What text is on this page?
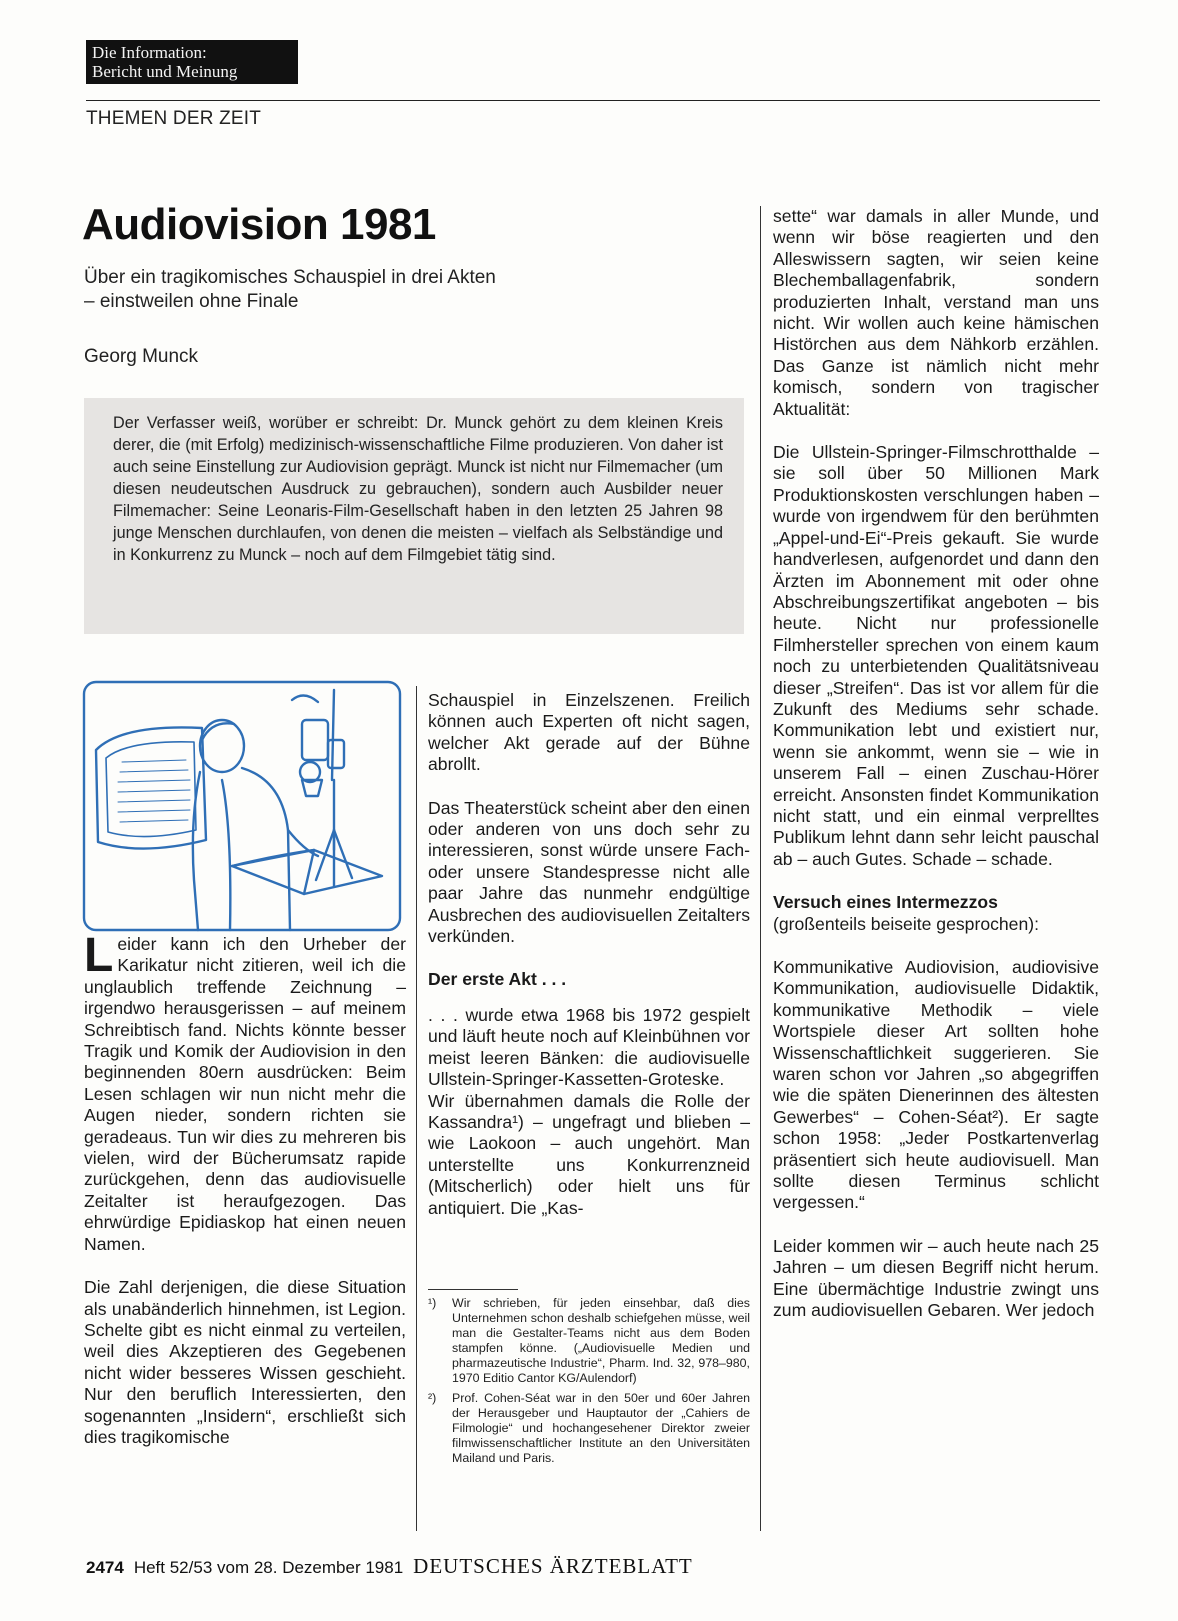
Die Information:
Bericht und Meinung
THEMEN DER ZEIT
Audiovision 1981
Über ein tragikomisches Schauspiel in drei Akten
– einstweilen ohne Finale
Georg Munck
Der Verfasser weiß, worüber er schreibt: Dr. Munck gehört zu dem kleinen Kreis derer, die (mit Erfolg) medizinisch-wissenschaftliche Filme produzieren. Von daher ist auch seine Einstellung zur Audiovision geprägt. Munck ist nicht nur Filmemacher (um diesen neudeutschen Ausdruck zu gebrauchen), sondern auch Ausbilder neuer Filmemacher: Seine Leonaris-Film-Gesellschaft haben in den letzten 25 Jahren 98 junge Menschen durchlaufen, von denen die meisten – vielfach als Selbständige und in Konkurrenz zu Munck – noch auf dem Filmgebiet tätig sind.

Leider kann ich den Urheber der Karikatur nicht zitieren, weil ich die unglaublich treffende Zeichnung – irgendwo herausgerissen – auf meinem Schreibtisch fand. Nichts könnte besser Tragik und Komik der Audiovision in den beginnenden 80ern ausdrücken: Beim Lesen schlagen wir nun nicht mehr die Augen nieder, sondern richten sie geradeaus. Tun wir dies zu mehreren bis vielen, wird der Bücherumsatz rapide zurückgehen, denn das audiovisuelle Zeitalter ist heraufgezogen. Das ehrwürdige Epidiaskop hat einen neuen Namen.

Die Zahl derjenigen, die diese Situation als unabänderlich hinnehmen, ist Legion. Schelte gibt es nicht einmal zu verteilen, weil dies Akzeptieren des Gegebenen nicht wider besseres Wissen geschieht. Nur den beruflich Interessierten, den sogenannten „Insidern“, erschließt sich dies tragikomische

Schauspiel in Einzelszenen. Freilich können auch Experten oft nicht sagen, welcher Akt gerade auf der Bühne abrollt.

Das Theaterstück scheint aber den einen oder anderen von uns doch sehr zu interessieren, sonst würde unsere Fach- oder unsere Standespresse nicht alle paar Jahre das nunmehr endgültige Ausbrechen des audiovisuellen Zeitalters verkünden.

Der erste Akt . . .

. . . wurde etwa 1968 bis 1972 gespielt und läuft heute noch auf Kleinbühnen vor meist leeren Bänken: die audiovisuelle Ullstein-Springer-Kassetten-Groteske. Wir übernahmen damals die Rolle der Kassandra¹) – ungefragt und blieben – wie Laokoon – auch ungehört. Man unterstellte uns Konkurrenzneid (Mitscherlich) oder hielt uns für antiquiert. Die „Kas-

¹)	Wir schrieben, für jeden einsehbar, daß dies Unternehmen schon deshalb schiefgehen müsse, weil man die Gestalter-Teams nicht aus dem Boden stampfen könne. („Audiovisuelle Medien und pharmazeutische Industrie“, Pharm. Ind. 32, 978–980, 1970 Editio Cantor KG/Aulendorf)
²)	Prof. Cohen-Séat war in den 50er und 60er Jahren der Herausgeber und Hauptautor der „Cahiers de Filmologie“ und hochangesehener Direktor zweier filmwissenschaftlicher Institute an den Universitäten Mailand und Paris.

sette“ war damals in aller Munde, und wenn wir böse reagierten und den Alleswissern sagten, wir seien keine Blechemballagenfabrik, sondern produzierten Inhalt, verstand man uns nicht. Wir wollen auch keine hämischen Histörchen aus dem Nähkorb erzählen. Das Ganze ist nämlich nicht mehr komisch, sondern von tragischer Aktualität:

Die Ullstein-Springer-Filmschrotthalde – sie soll über 50 Millionen Mark Produktionskosten verschlungen haben – wurde von irgendwem für den berühmten „Appel-und-Ei“-Preis gekauft. Sie wurde handverlesen, aufgenordet und dann den Ärzten im Abonnement mit oder ohne Abschreibungszertifikat angeboten – bis heute. Nicht nur professionelle Filmhersteller sprechen von einem kaum noch zu unterbietenden Qualitätsniveau dieser „Streifen“. Das ist vor allem für die Zukunft des Mediums sehr schade. Kommunikation lebt und existiert nur, wenn sie ankommt, wenn sie – wie in unserem Fall – einen Zuschau-Hörer erreicht. Ansonsten findet Kommunikation nicht statt, und ein einmal verprelltes Publikum lehnt dann sehr leicht pauschal ab – auch Gutes. Schade – schade.

Versuch eines Intermezzos

(großenteils beiseite gesprochen):

Kommunikative Audiovision, audiovisive Kommunikation, audiovisuelle Didaktik, kommunikative Methodik – viele Wortspiele dieser Art sollten hohe Wissenschaftlichkeit suggerieren. Sie waren schon vor Jahren „so abgegriffen wie die späten Dienerinnen des ältesten Gewerbes“ – Cohen-Séat²). Er sagte schon 1958: „Jeder Postkartenverlag präsentiert sich heute audiovisuell. Man sollte diesen Terminus schlicht vergessen.“

Leider kommen wir – auch heute nach 25 Jahren – um diesen Begriff nicht herum. Eine übermächtige Industrie zwingt uns zum audiovisuellen Gebaren. Wer jedoch

2474 Heft 52/53 vom 28. Dezember 1981 DEUTSCHES ÄRZTEBLATT
